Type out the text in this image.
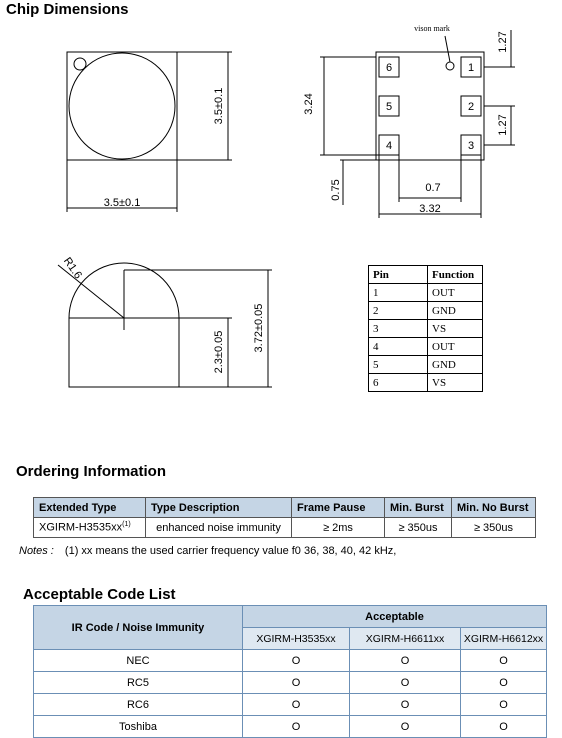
Chip Dimensions
3.5±0.1
3.5±0.1
vison mark
6
5
4
1
2
3
3.24
1.27
1.27
0.75	0.7
3.32
R1.6
2.3±0.05	3.72±0.05
Pin	Function
1	OUT
2	GND
3	VS
4	OUT
5	GND
6	VS
Ordering Information
Extended Type	Type Description	Frame Pause	Min. Burst	Min. No Burst
XGIRM-$H3535xx^{(1)}$	enhanced noise immunity	≥ 2ms	≥ 350us	≥ 350us
Notes : (1) xx means the used carrier frequency value f0 36, 38, 40, 42 kHz,
Acceptable Code List
IR Code / Noise Immunity	Acceptable		
	XGIRM-H3535xx	XGIRM-H6611xx	XGIRM-H6612xx
NEC	O	O	O
RC5	O	O	O
RC6	O	O	O
Toshiba	O	O	O
